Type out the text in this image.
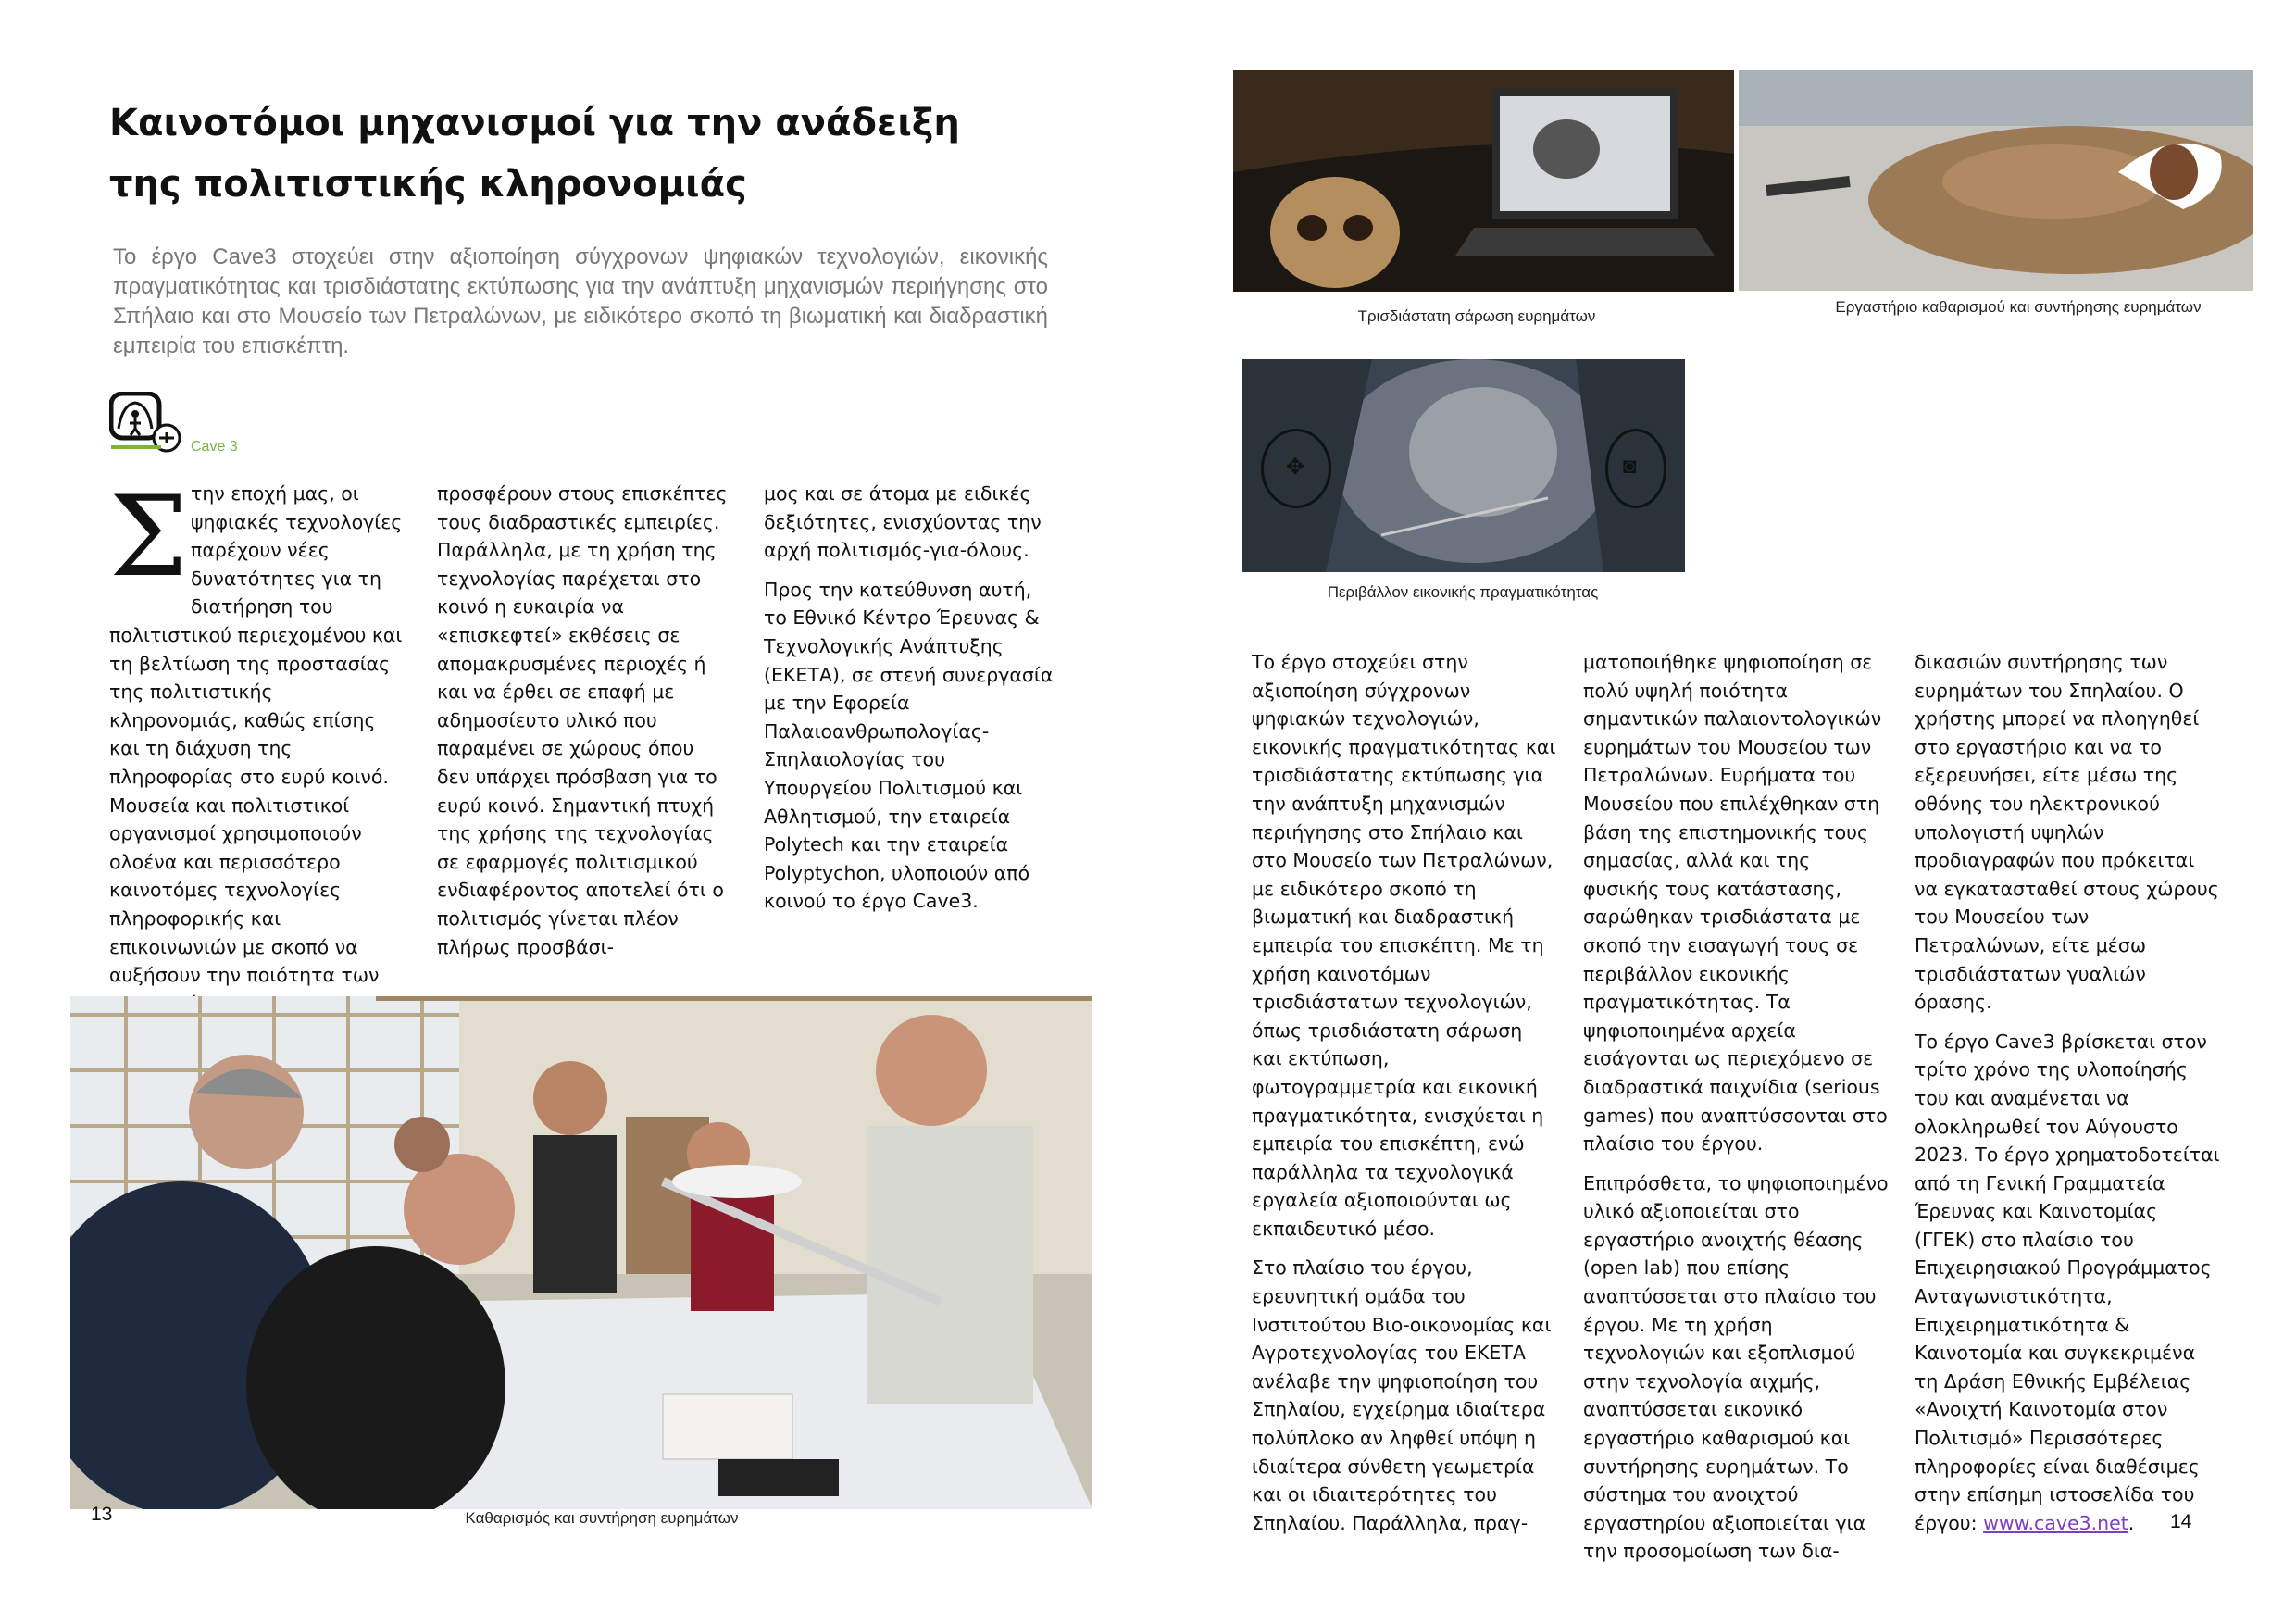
Καινοτόμοι μηχανισμοί για την ανάδειξη
της πολιτιστικής κληρονομιάς

Το έργο Cave3 στοχεύει στην αξιοποίηση σύγχρονων ψηφιακών τεχνολογιών, εικονικής πραγματικότητας και τρισδιάστατης εκτύπωσης για την ανάπτυξη μηχανισμών περιήγησης στο Σπήλαιο και στο Μουσείο των Πετραλώνων, με ειδικότερο σκοπό τη βιωματική και διαδραστική εμπειρία του επισκέπτη.

Cave 3
Σ την εποχή μας, οι ψηφιακές τεχνολογίες παρέχουν νέες δυνατότητες για τη διατήρηση του πολιτιστικού περιεχομένου και τη βελτίωση της προστασίας της πολιτιστικής κληρονομιάς, καθώς επίσης και τη διάχυση της πληροφορίας στο ευρύ κοινό. Μουσεία και πολιτιστικοί οργανισμοί χρησιμοποιούν ολοένα και περισσότερο καινοτόμες τεχνολογίες πληροφορικής και επικοινωνιών με σκοπό να αυξήσουν την ποιότητα των

προσφέρουν στους επισκέπτες τους διαδραστικές εμπειρίες. Παράλληλα, με τη χρήση της τεχνολογίας παρέχεται στο κοινό η ευκαιρία να «επισκεφτεί» εκθέσεις σε απομακρυσμένες περιοχές ή και να έρθει σε επαφή με αδημοσίευτο υλικό που παραμένει σε χώρους όπου δεν υπάρχει πρόσβαση για το ευρύ κοινό. Σημαντική πτυχή της χρήσης της τεχνολογίας σε εφαρμογές πολιτισμικού ενδιαφέροντος αποτελεί ότι ο πολιτισμός γίνεται πλέον πλήρως προσβάσι-

μος και σε άτομα με ειδικές δεξιότητες, ενισχύοντας την αρχή πολιτισμός-για-όλους.

Προς την κατεύθυνση αυτή, το Εθνικό Κέντρο Έρευνας & Τεχνολογικής Ανάπτυξης (ΕΚΕΤΑ), σε στενή συνεργασία με την Εφορεία Παλαιοανθρωπολογίας-Σπηλαιολογίας του Υπουργείου Πολιτισμού και Αθλητισμού, την εταιρεία Polytech και την εταιρεία Polyptychon, υλοποιούν από κοινού το έργο Cave3.

Καθαρισμός και συντήρηση ευρημάτων
13
Τρισδιάστατη σάρωση ευρημάτων
Εργαστήριο καθαρισμού και συντήρησης ευρημάτων
✥	◙
Περιβάλλον εικονικής πραγματικότητας

Το έργο στοχεύει στην αξιοποίηση σύγχρονων ψηφιακών τεχνολογιών, εικονικής πραγματικότητας και τρισδιάστατης εκτύπωσης για την ανάπτυξη μηχανισμών περιήγησης στο Σπήλαιο και στο Μουσείο των Πετραλώνων, με ειδικότερο σκοπό τη βιωματική και διαδραστική εμπειρία του επισκέπτη. Με τη χρήση καινοτόμων τρισδιάστατων τεχνολογιών, όπως τρισδιάστατη σάρωση και εκτύπωση, φωτογραμμετρία και εικονική πραγματικότητα, ενισχύεται η εμπειρία του επισκέπτη, ενώ παράλληλα τα τεχνολογικά εργαλεία αξιοποιούνται ως εκπαιδευτικό μέσο.

Στο πλαίσιο του έργου, ερευνητική ομάδα του Ινστιτούτου Βιο-οικονομίας και Αγροτεχνολογίας του ΕΚΕΤΑ ανέλαβε την ψηφιοποίηση του Σπηλαίου, εγχείρημα ιδιαίτερα πολύπλοκο αν ληφθεί υπόψη η ιδιαίτερα σύνθετη γεωμετρία και οι ιδιαιτερότητες του Σπηλαίου. Παράλληλα, πραγ-

ματοποιήθηκε ψηφιοποίηση σε πολύ υψηλή ποιότητα σημαντικών παλαιοντολογικών ευρημάτων του Μουσείου των Πετραλώνων. Ευρήματα του Μουσείου που επιλέχθηκαν στη βάση της επιστημονικής τους σημασίας, αλλά και της φυσικής τους κατάστασης, σαρώθηκαν τρισδιάστατα με σκοπό την εισαγωγή τους σε περιβάλλον εικονικής πραγματικότητας. Τα ψηφιοποιημένα αρχεία εισάγονται ως περιεχόμενο σε διαδραστικά παιχνίδια (serious games) που αναπτύσσονται στο πλαίσιο του έργου.

Επιπρόσθετα, το ψηφιοποιημένο υλικό αξιοποιείται στο εργαστήριο ανοιχτής θέασης (open lab) που επίσης αναπτύσσεται στο πλαίσιο του έργου. Με τη χρήση τεχνολογιών και εξοπλισμού στην τεχνολογία αιχμής, αναπτύσσεται εικονικό εργαστήριο καθαρισμού και συντήρησης ευρημάτων. Το σύστημα του ανοιχτού εργαστηρίου αξιοποιείται για την προσομοίωση των δια-

δικασιών συντήρησης των ευρημάτων του Σπηλαίου. Ο χρήστης μπορεί να πλοηγηθεί στο εργαστήριο και να το εξερευνήσει, είτε μέσω της οθόνης του ηλεκτρονικού υπολογιστή υψηλών προδιαγραφών που πρόκειται να εγκατασταθεί στους χώρους του Μουσείου των Πετραλώνων, είτε μέσω τρισδιάστατων γυαλιών όρασης.

Το έργο Cave3 βρίσκεται στον τρίτο χρόνο της υλοποίησής του και αναμένεται να ολοκληρωθεί τον Αύγουστο 2023. Το έργο χρηματοδοτείται από τη Γενική Γραμματεία Έρευνας και Καινοτομίας (ΓΓΕΚ) στο πλαίσιο του Επιχειρησιακού Προγράμματος Ανταγωνιστικότητα, Επιχειρηματικότητα & Καινοτομία και συγκεκριμένα τη Δράση Εθνικής Εμβέλειας «Ανοιχτή Καινοτομία στον Πολιτισμό» Περισσότερες πληροφορίες είναι διαθέσιμες στην επίσημη ιστοσελίδα του έργου: www.cave3.net.	14
